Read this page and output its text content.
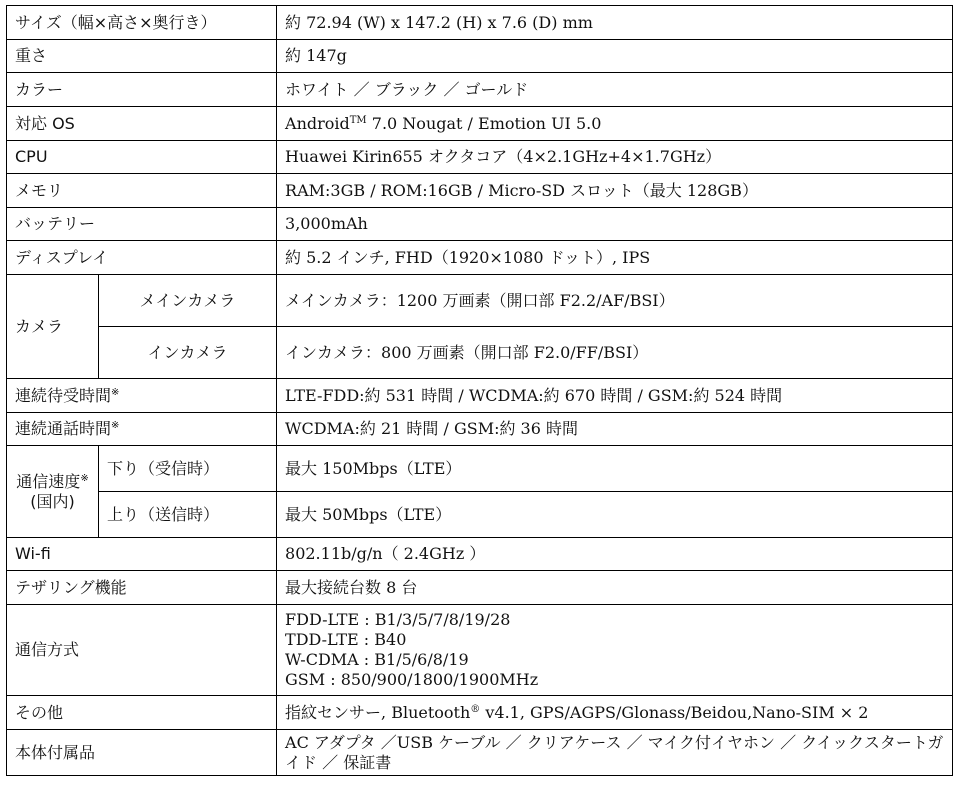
サイズ（幅×高さ×奥行き）		約 72.94 (W) x 147.2 (H) x 7.6 (D) mm
重さ		約 147g
カラー		ホワイト ／ ブラック ／ ゴールド
対応 OS		Android™ 7.0 Nougat / Emotion UI 5.0
CPU		Huawei Kirin655 オクタコア（4×2.1GHz+4×1.7GHz）
メモリ		RAM:3GB / ROM:16GB / Micro-SD スロット（最大 128GB）
バッテリー		3,000mAh
ディスプレイ		約 5.2 インチ, FHD（1920×1080 ドット）, IPS
カメラ	メインカメラ	メインカメラ：1200 万画素（開口部 F2.2/AF/BSI）
	インカメラ	インカメラ：800 万画素（開口部 F2.0/FF/BSI）
連続待受時間※		LTE-FDD:約 531 時間 / WCDMA:約 670 時間 / GSM:約 524 時間
連続通話時間※		WCDMA:約 21 時間 / GSM:約 36 時間

通信速度※
(国内)	下り（受信時）	最大 150Mbps（LTE）
	上り（送信時）	最大 50Mbps（LTE）
Wi-fi		802.11b/g/n（ 2.4GHz ）
テザリング機能		最大接続台数 8 台
通信方式		FDD-LTE : B1/3/5/7/8/19/28
TDD-LTE : B40
W-CDMA : B1/5/6/8/19
GSM : 850/900/1800/1900MHz

その他		指紋センサー, Bluetooth® v4.1, GPS/AGPS/Glonass/Beidou,Nano-SIM × 2
本体付属品		AC アダプタ ／USB ケーブル ／ クリアケース ／ マイク付イヤホン ／ クイックスタートガイド ／ 保証書
